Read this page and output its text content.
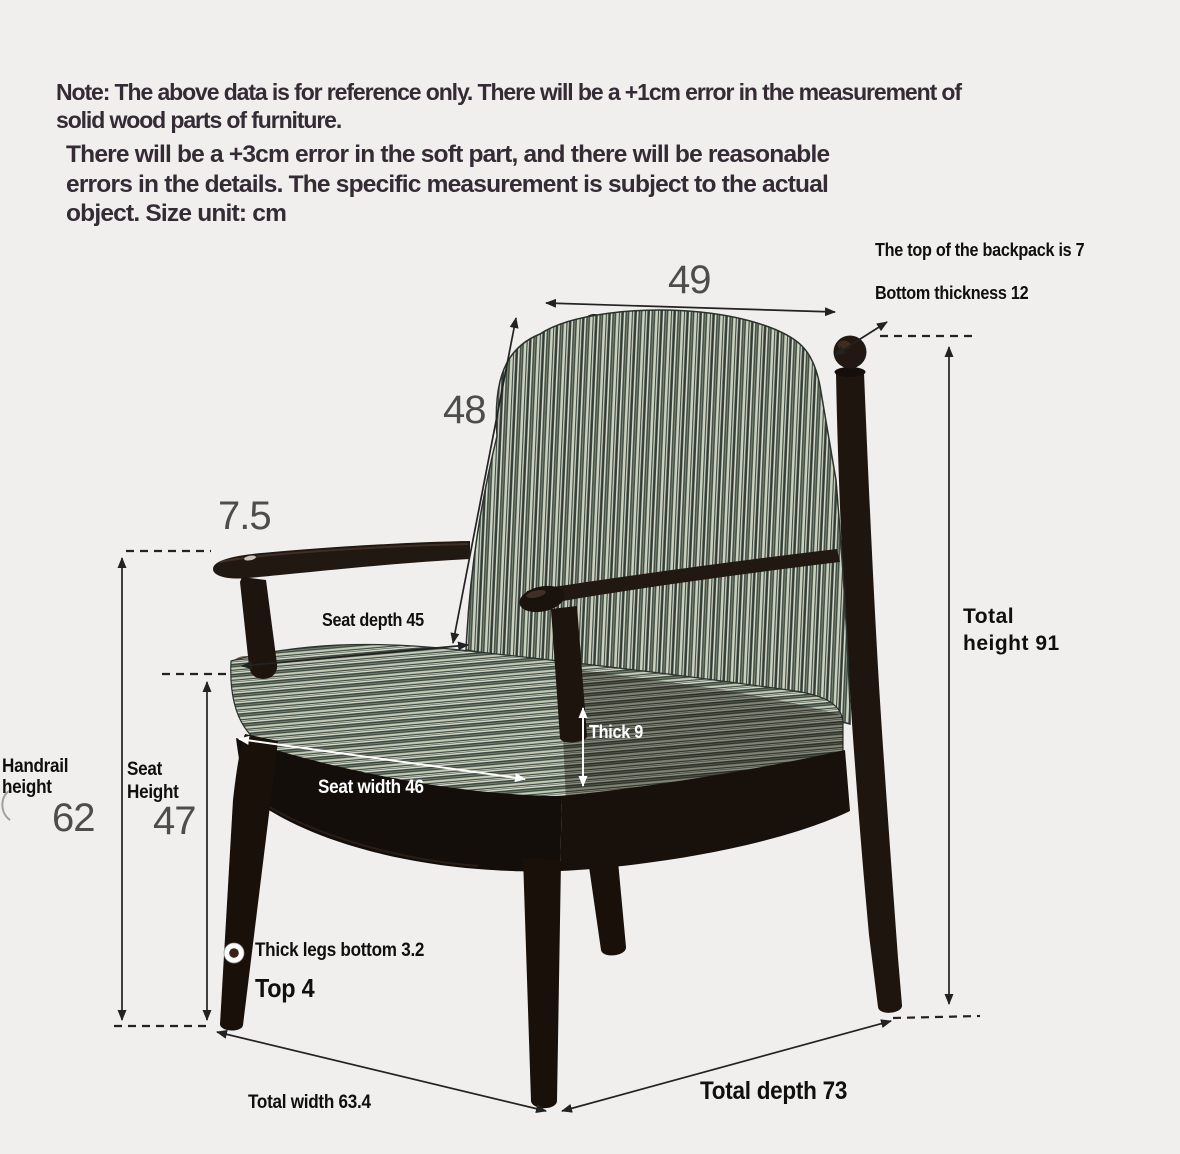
Note: The above data is for reference only. There will be a +1cm error in the measurement of
solid wood parts of furniture.
There will be a +3cm error in the soft part, and there will be reasonable
errors in the details. The specific measurement is subject to the actual
object. Size unit: cm
49
48
7.5
62 47
The top of the backpack is 7
Bottom thickness 12
Total
height 91
Handrail
height
Seat
Height
Seat depth 45
Thick 9
Seat width 46
Thick legs bottom 3.2
Top 4
Total width 63.4	Total depth 73
